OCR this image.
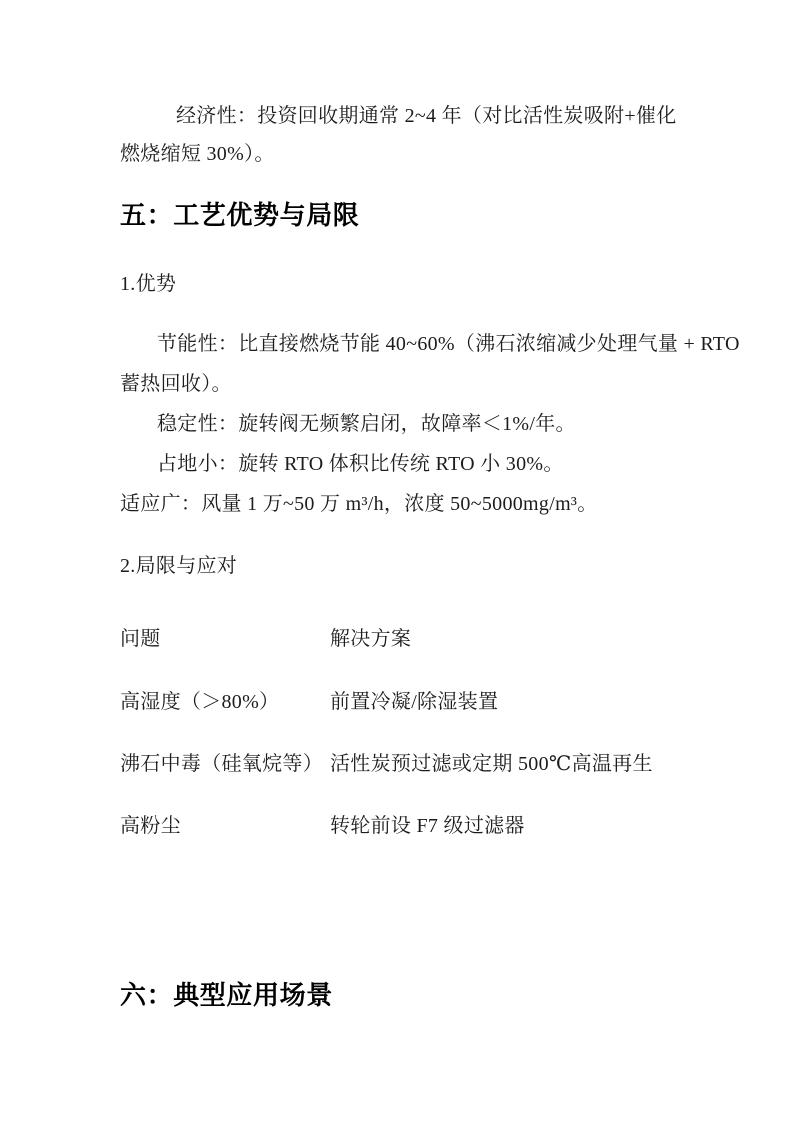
经济性：投资回收期通常 2~4 年（对比活性炭吸附+催化
燃烧缩短 30%）。
五：工艺优势与局限
1.优势
节能性：比直接燃烧节能 40~60%（沸石浓缩减少处理气量 + RTO
蓄热回收）。
稳定性：旋转阀无频繁启闭，故障率＜1%/年。
占地小：旋转 RTO 体积比传统 RTO 小 30%。
适应广：风量 1 万~50 万 m³/h，浓度 50~5000mg/m³。
2.局限与应对
问题	解决方案
高湿度（＞80%）	前置冷凝/除湿装置
沸石中毒（硅氧烷等） 活性炭预过滤或定期 500℃高温再生
高粉尘	转轮前设 F7 级过滤器
六：典型应用场景
